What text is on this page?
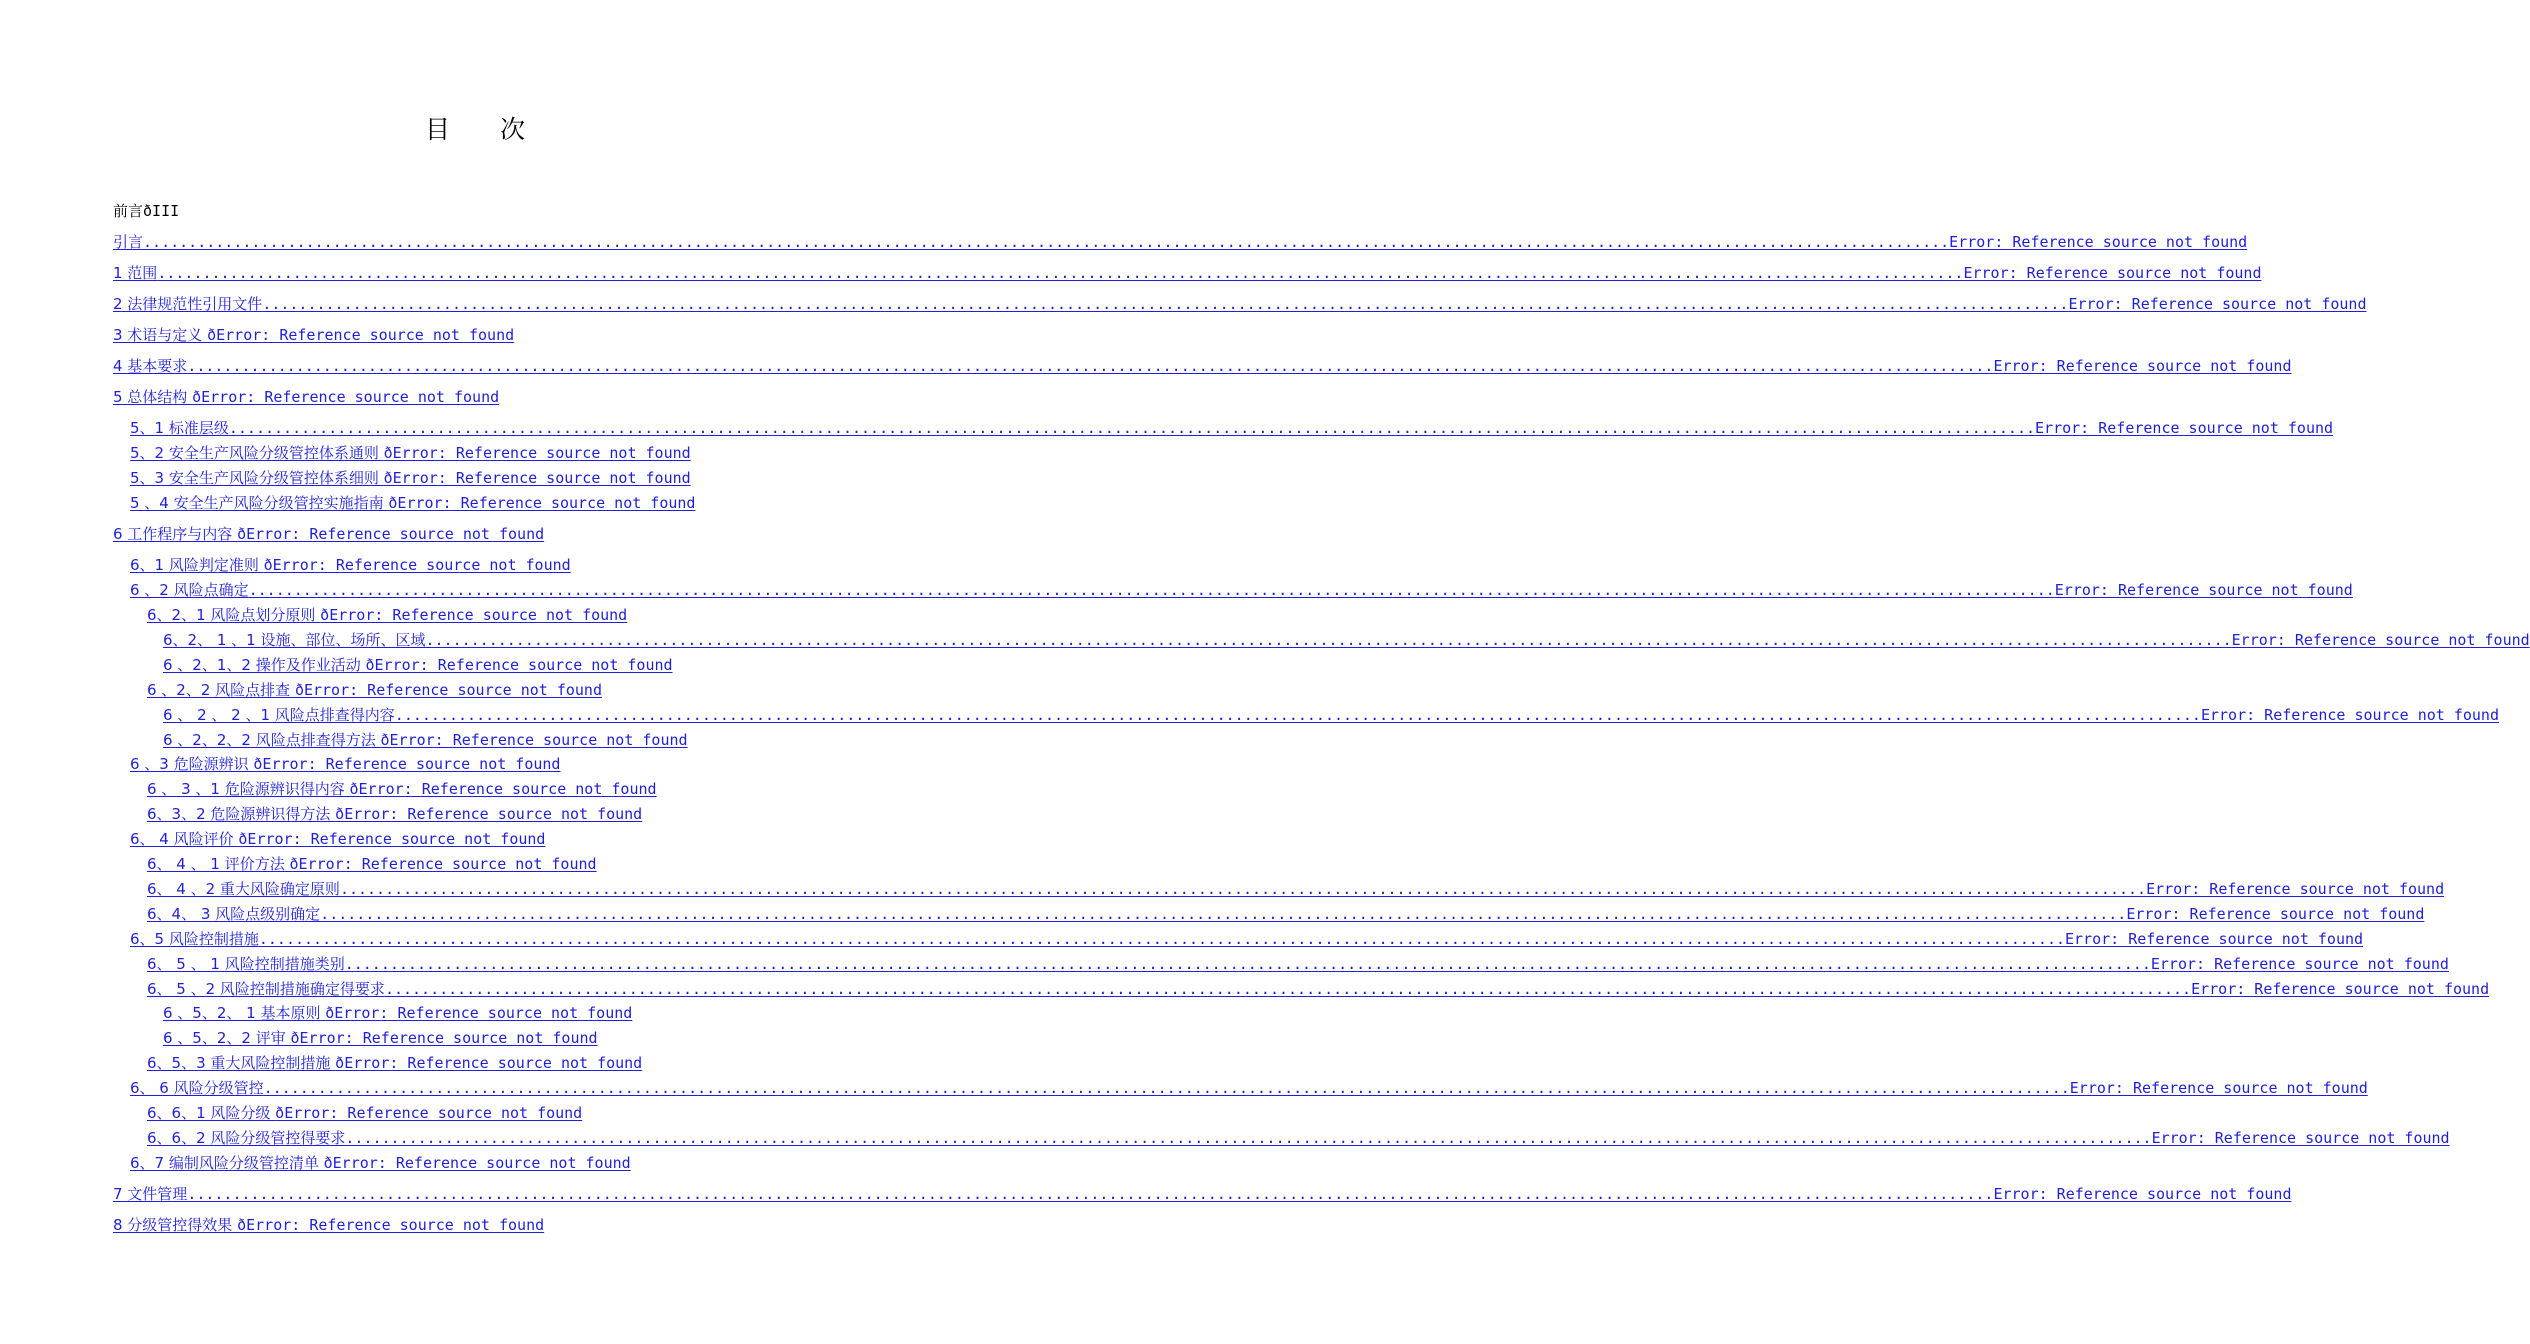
目　　次
前言ðIII
引言 ........................................................................................................................................................................................................ Error: Reference source not found
1 范围 ........................................................................................................................................................................................................ Error: Reference source not found
2 法律规范性引用文件 ........................................................................................................................................................................................................ Error: Reference source not found
3 术语与定义 ðError: Reference source not found
4 基本要求 ........................................................................................................................................................................................................ Error: Reference source not found
5 总体结构 ðError: Reference source not found
5、1 标准层级 ........................................................................................................................................................................................................ Error: Reference source not found
5、2 安全生产风险分级管控体系通则 ðError: Reference source not found
5、3 安全生产风险分级管控体系细则 ðError: Reference source not found
5 、4 安全生产风险分级管控实施指南 ðError: Reference source not found
6 工作程序与内容 ðError: Reference source not found
6、1 风险判定准则 ðError: Reference source not found
6 、2 风险点确定 ........................................................................................................................................................................................................ Error: Reference source not found
6、2、1 风险点划分原则 ðError: Reference source not found
6、2、 1 、1 设施、部位、场所、区域 ........................................................................................................................................................................................................ Error: Reference source not found
6 、2、1、2 操作及作业活动 ðError: Reference source not found
6 、2、2 风险点排查 ðError: Reference source not found
6 、 2 、 2 、1 风险点排查得内容 ........................................................................................................................................................................................................ Error: Reference source not found
6 、2、2、2 风险点排查得方法 ðError: Reference source not found
6 、3 危险源辨识 ðError: Reference source not found
6 、 3 、1 危险源辨识得内容 ðError: Reference source not found
6、3、2 危险源辨识得方法 ðError: Reference source not found
6、 4 风险评价 ðError: Reference source not found
6、 4 、 1 评价方法 ðError: Reference source not found
6、 4 、2 重大风险确定原则 ........................................................................................................................................................................................................ Error: Reference source not found
6、4、 3 风险点级别确定 ........................................................................................................................................................................................................ Error: Reference source not found
6、5 风险控制措施 ........................................................................................................................................................................................................ Error: Reference source not found
6、 5 、 1 风险控制措施类别 ........................................................................................................................................................................................................ Error: Reference source not found
6、 5 、2 风险控制措施确定得要求 ........................................................................................................................................................................................................ Error: Reference source not found
6 、5、2、 1 基本原则 ðError: Reference source not found
6 、5、2、2 评审 ðError: Reference source not found
6、5、3 重大风险控制措施 ðError: Reference source not found
6、 6 风险分级管控 ........................................................................................................................................................................................................ Error: Reference source not found
6、6、1 风险分级 ðError: Reference source not found
6、6、2 风险分级管控得要求 ........................................................................................................................................................................................................ Error: Reference source not found
6、7 编制风险分级管控清单 ðError: Reference source not found
7 文件管理 ........................................................................................................................................................................................................ Error: Reference source not found
8 分级管控得效果 ðError: Reference source not found
